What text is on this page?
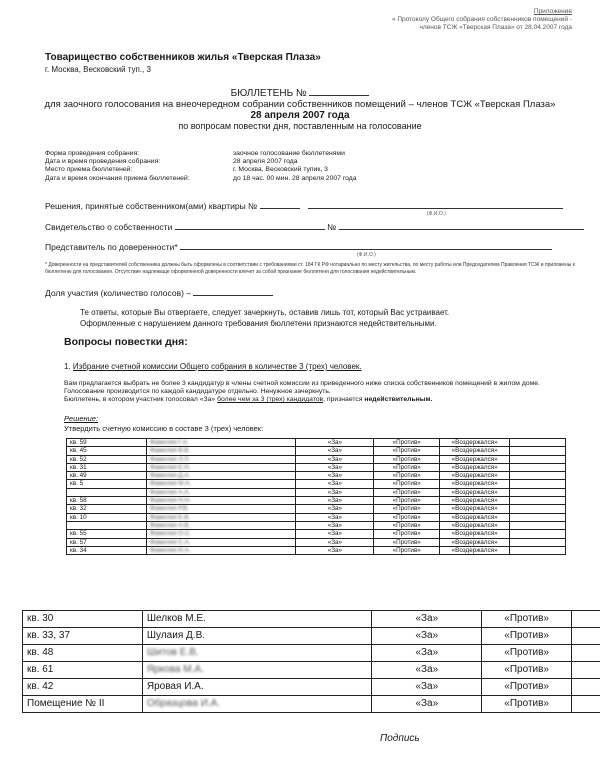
Приложение
« Протоколу Общего собрания собственников помещений -
членов ТСЖ «Тверская Плаза» от 28.04.2007 года
Товарищество собственников жилья «Тверская Плаза»
г. Москва, Весковский туп., 3
БЮЛЛЕТЕНЬ №
для заочного голосования на внеочередном собрании собственников помещений – членов ТСЖ «Тверская Плаза»
28 апреля 2007 года
по вопросам повестки дня, поставленным на голосование
Форма проведения собрания:	заочное голосование бюллетенями
Дата и время проведения собрания:	28 апреля 2007 года
Место приема бюллетеней:	г. Москва, Весковский тупик, 3
Дата и время окончания приема бюллетеней:	до 18 час. 00 мин. 28 апреля 2007 года
Решения, принятые собственником(ами) квартиры №
(Ф.И.О.)
Свидетельство о собственности	№
Представитель по доверенности*
(Ф.И.О.)
* Доверенности на представителей собственника должны быть оформлены в соответствии с требованиями ст. 184 ГК РФ нотариально по месту жительства, по месту работы или Председателем Правления ТСЖ и приложены к бюллетеню для голосования. Отсутствие надлежаще оформленной доверенности влечет за собой признание бюллетеня для голосования недействительным.
Доля участия (количество голосов) –
Те ответы, которые Вы отвергаете, следует зачеркнуть, оставив лишь тот, который Вас устраивает.
Оформленные с нарушением данного требования бюллетени признаются недействительными.
Вопросы повестки дня:
1. Избрание счетной комиссии Общего собрания в количестве 3 (трех) человек.
Вам предлагается выбрать не более 3 кандидатур в члены счетной комиссии из приведенного ниже списка собственников помещений в жилом доме.
Голосование производится по каждой кандидатуре отдельно. Ненужное зачеркнуть.
Бюллетень, в котором участник голосовал «За» более чем за 3 (трех) кандидатов, признается недействительным.
Решение:
Утвердить счетную комиссию в составе 3 (трех) человек:
кв. 59	Фамилия Г.А.	«За»	«Против»	«Воздержался»	
кв. 45	Фамилия В.В.	«За»	«Против»	«Воздержался»	
кв. 52	Фамилия Л.Л.	«За»	«Против»	«Воздержался»	
кв. 31	Фамилия Е.Н.	«За»	«Против»	«Воздержался»	
кв. 49	Фамилия Д.А.	«За»	«Против»	«Воздержался»	
кв. 5	Фамилия М.А.	«За»	«Против»	«Воздержался»	
	Фамилия А.А.	«За»	«Против»	«Воздержался»	
кв. 58	Фамилия Н.Н.	«За»	«Против»	«Воздержался»	
кв. 32	Фамилия Р.В.	«За»	«Против»	«Воздержался»	
кв. 10	Фамилия Е.В.	«За»	«Против»	«Воздержался»	
	Фамилия А.В.	«За»	«Против»	«Воздержался»	
кв. 55	Фамилия О.С.	«За»	«Против»	«Воздержался»	
кв. 57	Фамилия С.А.	«За»	«Против»	«Воздержался»	
кв. 34	Фамилия И.А.	«За»	«Против»	«Воздержался»	
кв. 30	Шелков М.Е.	«За»	«Против»	
кв. 33, 37	Шулаия Д.В.	«За»	«Против»	
кв. 48	Шитов Е.В.	«За»	«Против»	
кв. 61	Яркова М.А.	«За»	«Против»	
кв. 42	Яровая И.А.	«За»	«Против»	
Помещение № II	Образцова И.А.	«За»	«Против»	
Подпись
